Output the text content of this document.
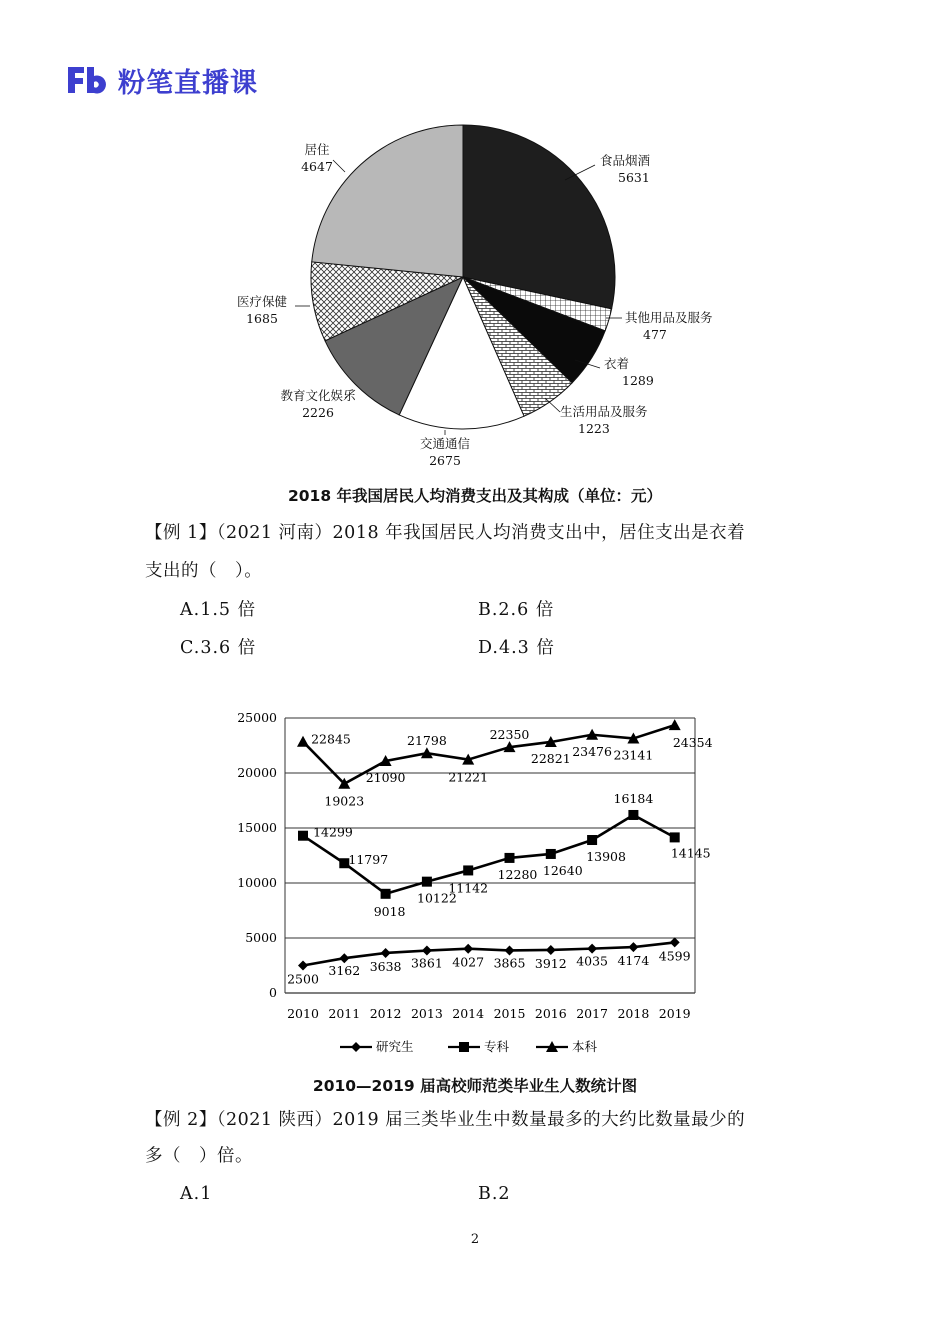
粉笔直播课
食品烟酒
5631
其他用品及服务
477
衣着
1289
生活用品及服务
1223
交通通信
2675
教育文化娱乐
2226
医疗保健
1685
居住
4647
2018 年我国居民人均消费支出及其构成（单位：元）
【例 1】（2021 河南）2018 年我国居民人均消费支出中，居住支出是衣着
支出的（　）。
A.1.5 倍	B.2.6 倍
C.3.6 倍	D.4.3 倍
0
5000
10000
15000
20000
25000
2010 2011 2012 2013 2014 2015 2016 2017 2018 2019
2500
3162 3638 3861 4027 3865 3912 4035 4174 4599
14299
11797
9018
10122
11142
12280 12640
13908
16184
14145
22845
19023
21090
21798
21221
22350
22821 23476 23141
24354
研究生	专科	本科
2010—2019 届高校师范类毕业生人数统计图
【例 2】（2021 陕西）2019 届三类毕业生中数量最多的大约比数量最少的
多（　）倍。
A.1	B.2
2
